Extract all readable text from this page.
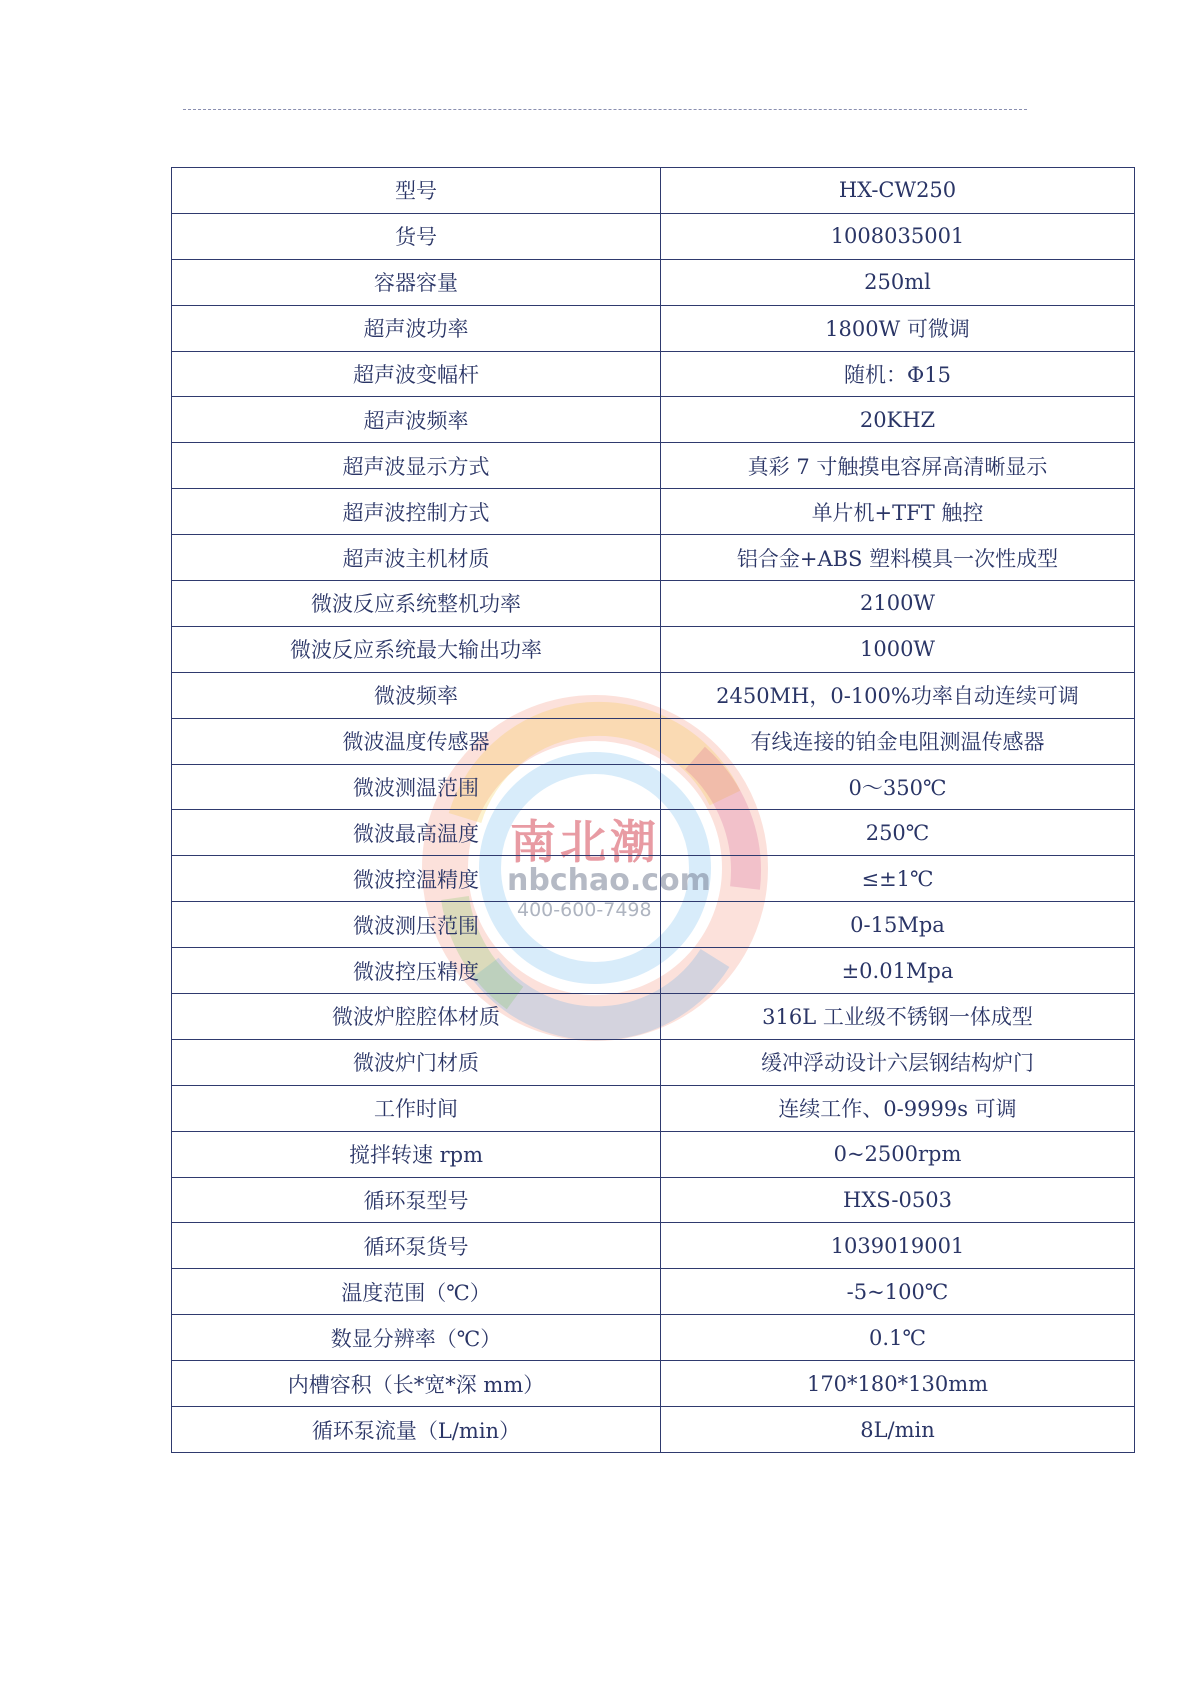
南北潮
nbchao.com
400-600-7498
型号	HX-CW250
货号	1008035001
容器容量	250ml
超声波功率	1800W 可微调
超声波变幅杆	随机：Φ15
超声波频率	20KHZ
超声波显示方式	真彩 7 寸触摸电容屏高清晰显示
超声波控制方式	单片机+TFT 触控
超声波主机材质	铝合金+ABS 塑料模具一次性成型
微波反应系统整机功率	2100W
微波反应系统最大输出功率	1000W
微波频率	2450MH，0-100%功率自动连续可调
微波温度传感器	有线连接的铂金电阻测温传感器
微波测温范围	0～350℃
微波最高温度	250℃
微波控温精度	≤±1℃
微波测压范围	0-15Mpa
微波控压精度	±0.01Mpa
微波炉腔腔体材质	316L 工业级不锈钢一体成型
微波炉门材质	缓冲浮动设计六层钢结构炉门
工作时间	连续工作、0-9999s 可调
搅拌转速 rpm	0~2500rpm
循环泵型号	HXS-0503
循环泵货号	1039019001
温度范围（℃）	-5~100℃
数显分辨率（℃）	0.1℃
内槽容积（长*宽*深 mm）	170*180*130mm
循环泵流量（L/min）	8L/min
